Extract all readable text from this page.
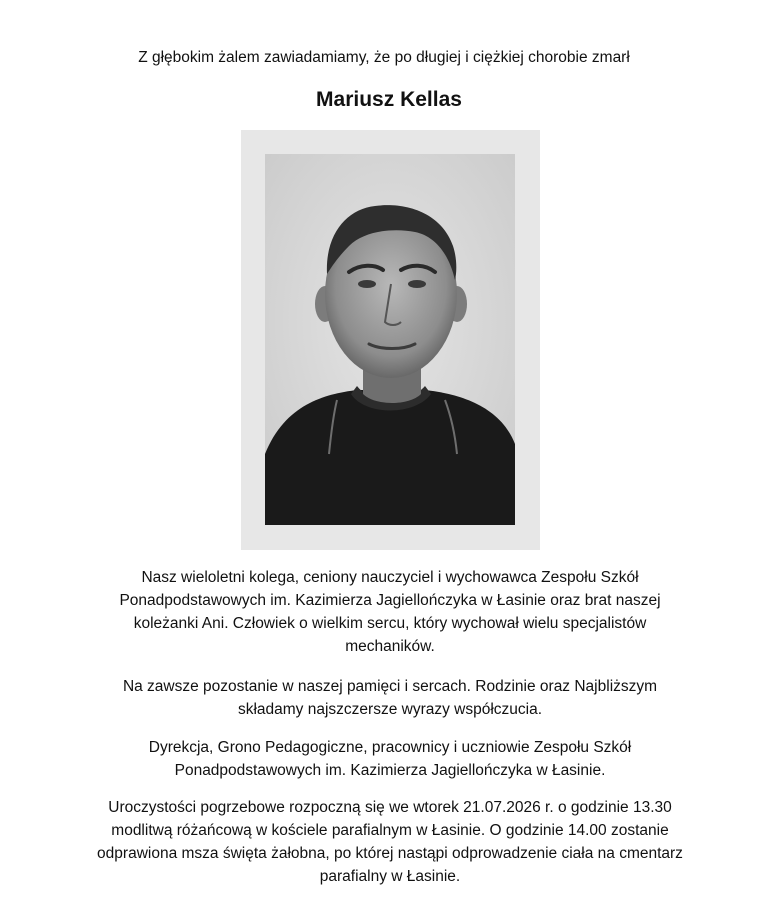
Z głębokim żalem zawiadamiamy, że po długiej i ciężkiej chorobie zmarł
Mariusz Kellas
Nasz wieloletni kolega, ceniony nauczyciel i wychowawca Zespołu Szkół
Ponadpodstawowych im. Kazimierza Jagiellończyka w Łasinie oraz brat naszej
koleżanki Ani. Człowiek o wielkim sercu, który wychował wielu specjalistów
mechaników.
Na zawsze pozostanie w naszej pamięci i sercach. Rodzinie oraz Najbliższym
składamy najszczersze wyrazy współczucia.
Dyrekcja, Grono Pedagogiczne, pracownicy i uczniowie Zespołu Szkół
Ponadpodstawowych im. Kazimierza Jagiellończyka w Łasinie.
Uroczystości pogrzebowe rozpoczną się we wtorek 21.07.2026 r. o godzinie 13.30
modlitwą różańcową w kościele parafialnym w Łasinie. O godzinie 14.00 zostanie
odprawiona msza święta żałobna, po której nastąpi odprowadzenie ciała na cmentarz
parafialny w Łasinie.
